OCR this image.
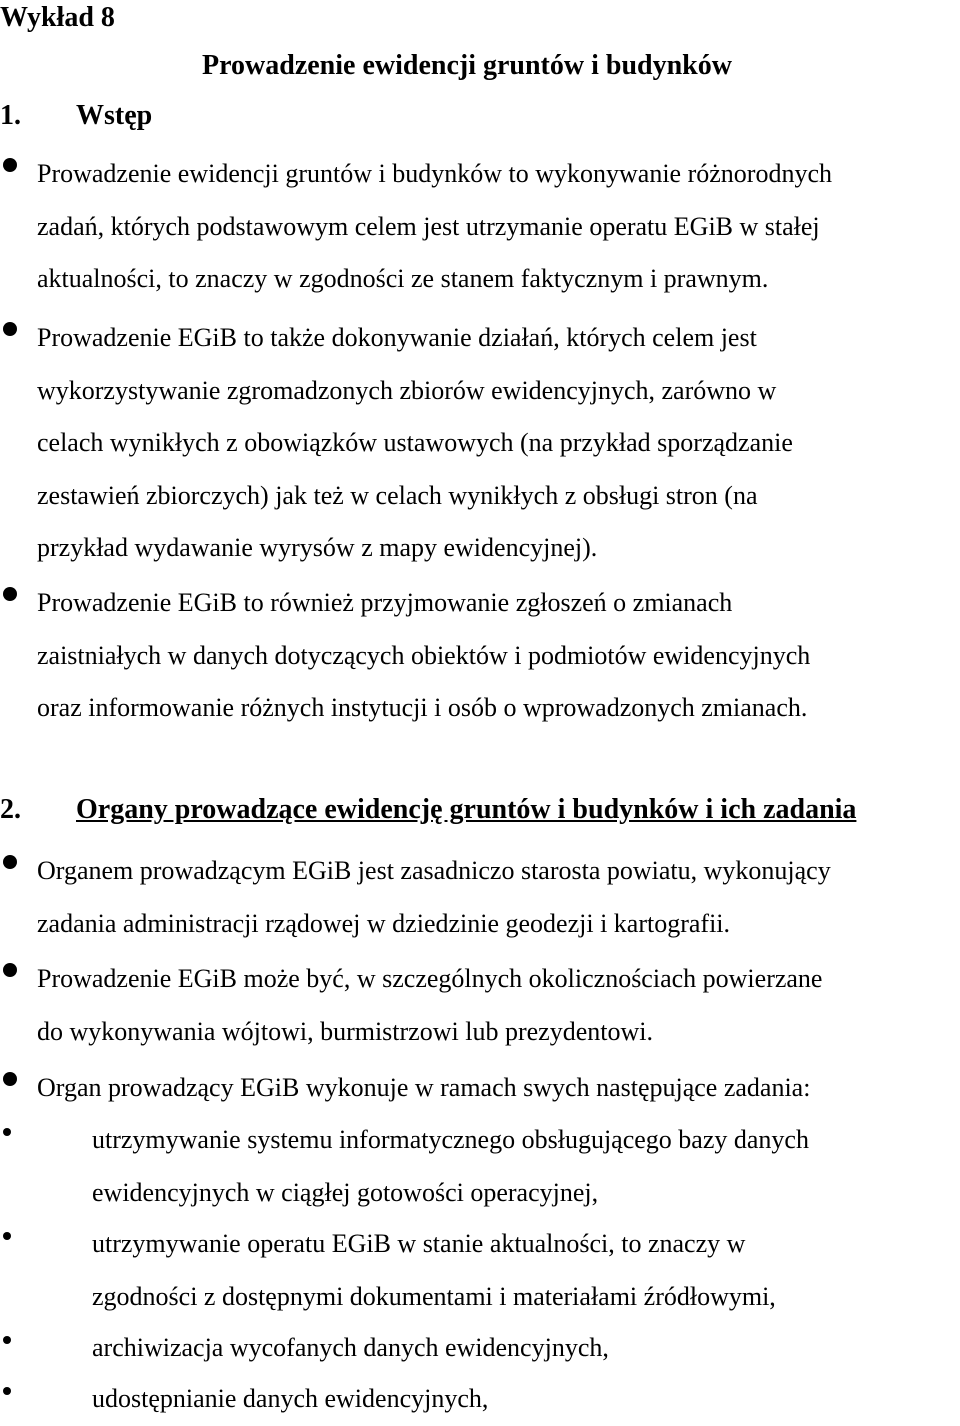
Wykład 8
Prowadzenie ewidencji gruntów i budynków
1. Wstęp
Prowadzenie ewidencji gruntów i budynków to wykonywanie różnorodnych
zadań, których podstawowym celem jest utrzymanie operatu EGiB w stałej
aktualności, to znaczy w zgodności ze stanem faktycznym i prawnym.
Prowadzenie EGiB to także dokonywanie działań, których celem jest
wykorzystywanie zgromadzonych zbiorów ewidencyjnych, zarówno w
celach wynikłych z obowiązków ustawowych (na przykład sporządzanie
zestawień zbiorczych) jak też w celach wynikłych z obsługi stron (na
przykład wydawanie wyrysów z mapy ewidencyjnej).
Prowadzenie EGiB to również przyjmowanie zgłoszeń o zmianach
zaistniałych w danych dotyczących obiektów i podmiotów ewidencyjnych
oraz informowanie różnych instytucji i osób o wprowadzonych zmianach.
2. Organy prowadzące ewidencję gruntów i budynków i ich zadania
Organem prowadzącym EGiB jest zasadniczo starosta powiatu, wykonujący
zadania administracji rządowej w dziedzinie geodezji i kartografii.
Prowadzenie EGiB może być, w szczególnych okolicznościach powierzane
do wykonywania wójtowi, burmistrzowi lub prezydentowi.
Organ prowadzący EGiB wykonuje w ramach swych następujące zadania:
utrzymywanie systemu informatycznego obsługującego bazy danych
ewidencyjnych w ciągłej gotowości operacyjnej,
utrzymywanie operatu EGiB w stanie aktualności, to znaczy w
zgodności z dostępnymi dokumentami i materiałami źródłowymi,
archiwizacja wycofanych danych ewidencyjnych,
udostępnianie danych ewidencyjnych,
